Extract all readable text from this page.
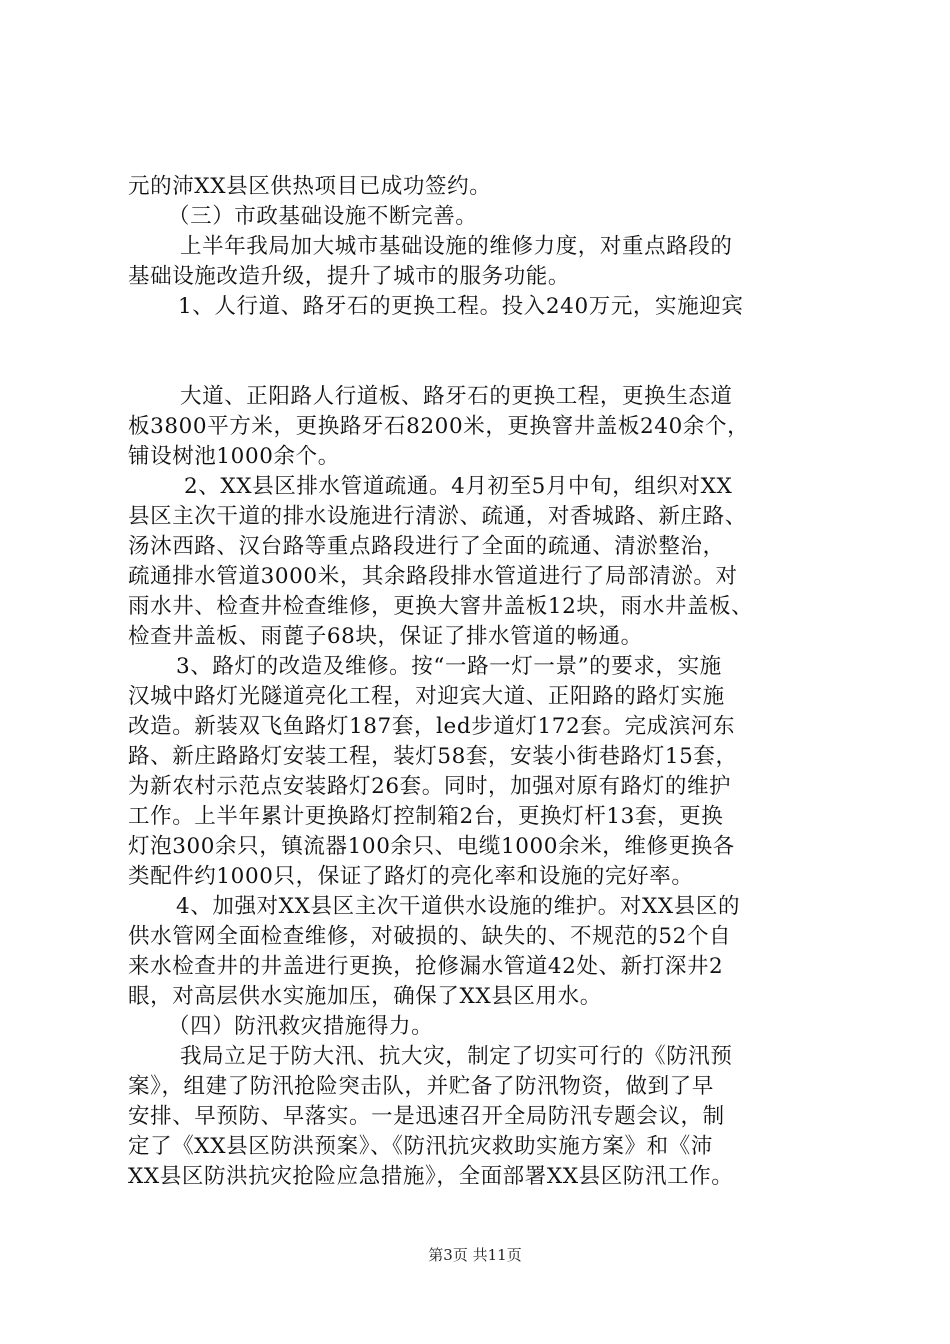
元的沛XX县区供热项目已成功签约。
（三）市政基础设施不断完善。
上半年我局加大城市基础设施的维修力度，对重点路段的
基础设施改造升级，提升了城市的服务功能。
1、人行道、路牙石的更换工程。投入240万元，实施迎宾
大道、正阳路人行道板、路牙石的更换工程，更换生态道
板3800平方米，更换路牙石8200米，更换窨井盖板240余个，
铺设树池1000余个。
2、XX县区排水管道疏通。4月初至5月中旬，组织对XX
县区主次干道的排水设施进行清淤、疏通，对香城路、新庄路、
汤沐西路、汉台路等重点路段进行了全面的疏通、清淤整治，
疏通排水管道3000米，其余路段排水管道进行了局部清淤。对
雨水井、检查井检查维修，更换大窨井盖板12块，雨水井盖板、
检查井盖板、雨蓖子68块，保证了排水管道的畅通。
3、路灯的改造及维修。按“一路一灯一景”的要求，实施
汉城中路灯光隧道亮化工程，对迎宾大道、正阳路的路灯实施
改造。新装双飞鱼路灯187套，led步道灯172套。完成滨河东
路、新庄路路灯安装工程，装灯58套，安装小街巷路灯15套，
为新农村示范点安装路灯26套。同时，加强对原有路灯的维护
工作。上半年累计更换路灯控制箱2台，更换灯杆13套，更换
灯泡300余只，镇流器100余只、电缆1000余米，维修更换各
类配件约1000只，保证了路灯的亮化率和设施的完好率。
4、加强对XX县区主次干道供水设施的维护。对XX县区的
供水管网全面检查维修，对破损的、缺失的、不规范的52个自
来水检查井的井盖进行更换，抢修漏水管道42处、新打深井2
眼，对高层供水实施加压，确保了XX县区用水。
（四）防汛救灾措施得力。
我局立足于防大汛、抗大灾，制定了切实可行的《防汛预
案》，组建了防汛抢险突击队，并贮备了防汛物资，做到了早
安排、早预防、早落实。一是迅速召开全局防汛专题会议，制
定了《XX县区防洪预案》、《防汛抗灾救助实施方案》和《沛
XX县区防洪抗灾抢险应急措施》，全面部署XX县区防汛工作。
第3页 共11页
